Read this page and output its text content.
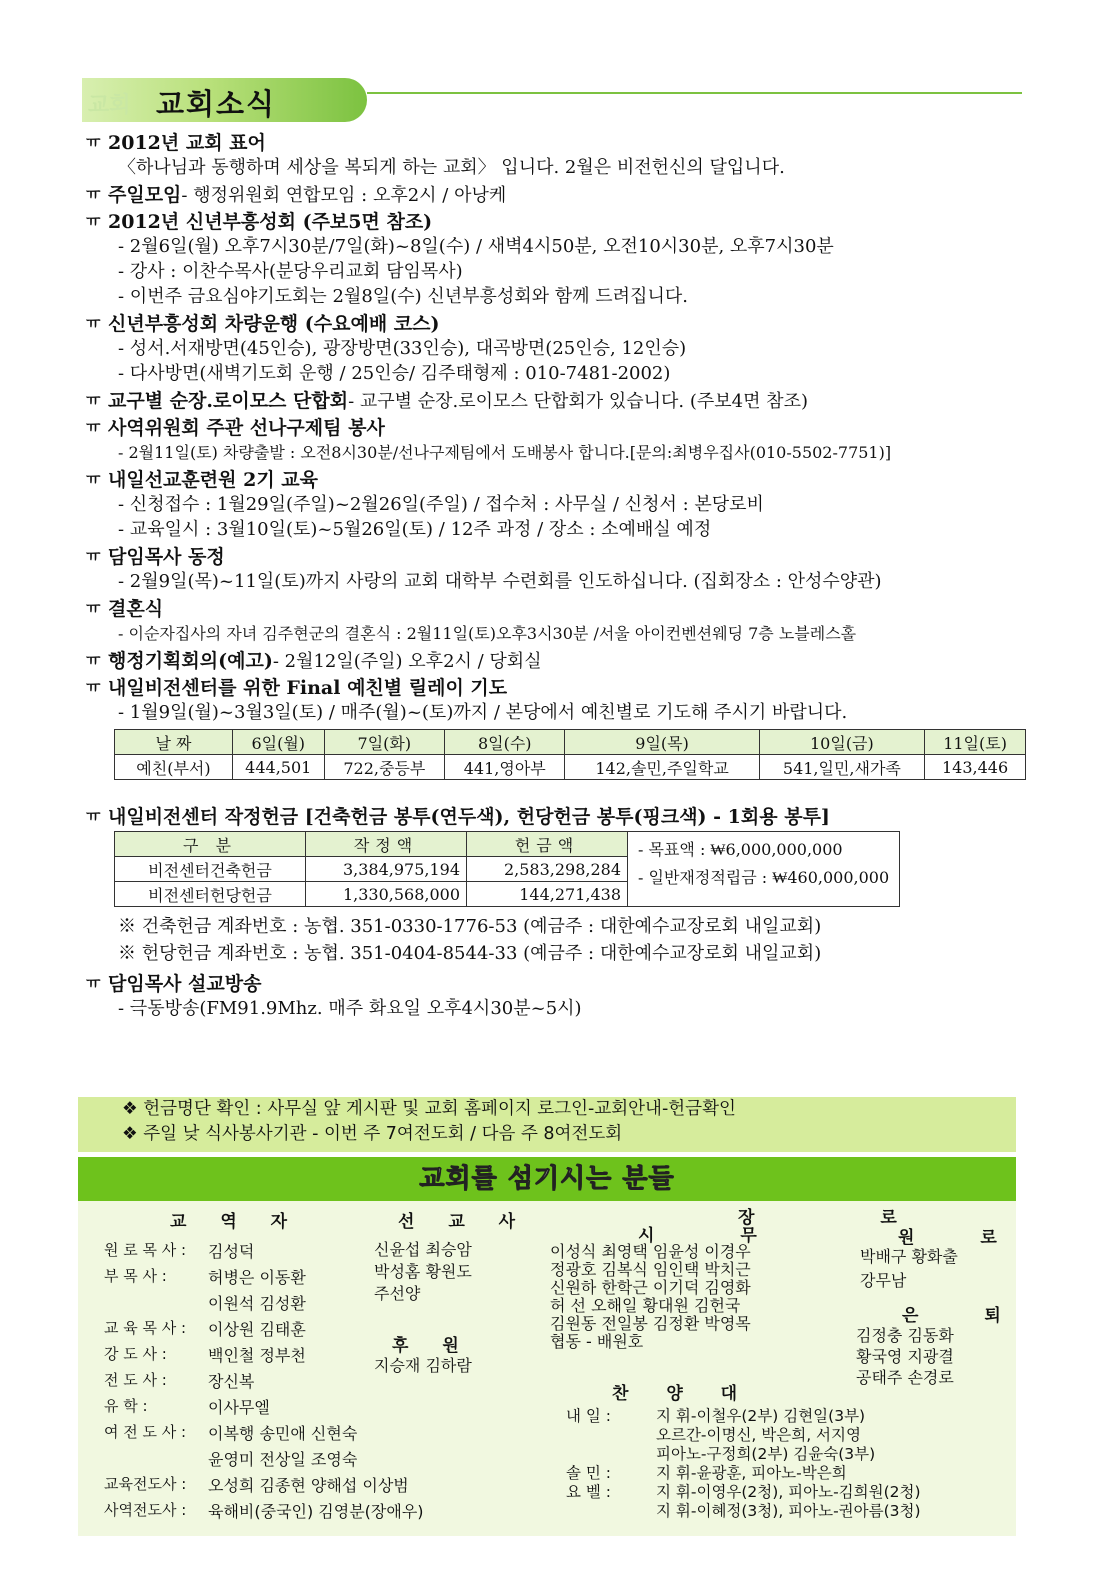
교회 교회소식
ㅠ 2012년 교회 표어
〈하나님과 동행하며 세상을 복되게 하는 교회〉 입니다. 2월은 비전헌신의 달입니다.
ㅠ 주일모임 - 행정위원회 연합모임 : 오후2시 / 아낭케
ㅠ 2012년 신년부흥성회 (주보5면 참조)
- 2월6일(월) 오후7시30분/7일(화)~8일(수) / 새벽4시50분, 오전10시30분, 오후7시30분
- 강사 : 이찬수목사(분당우리교회 담임목사)
- 이번주 금요심야기도회는 2월8일(수) 신년부흥성회와 함께 드려집니다.
ㅠ 신년부흥성회 차량운행 (수요예배 코스)
- 성서.서재방면(45인승), 광장방면(33인승), 대곡방면(25인승, 12인승)
- 다사방면(새벽기도회 운행 / 25인승/ 김주태형제 : 010-7481-2002)
ㅠ 교구별 순장.로이모스 단합회 - 교구별 순장.로이모스 단합회가 있습니다. (주보4면 참조)
ㅠ 사역위원회 주관 선나구제팀 봉사
- 2월11일(토) 차량출발 : 오전8시30분/선나구제팀에서 도배봉사 합니다.[문의:최병우집사(010-5502-7751)]
ㅠ 내일선교훈련원 2기 교육
- 신청접수 : 1월29일(주일)~2월26일(주일) / 접수처 : 사무실 / 신청서 : 본당로비
- 교육일시 : 3월10일(토)~5월26일(토) / 12주 과정 / 장소 : 소예배실 예정
ㅠ 담임목사 동정
- 2월9일(목)~11일(토)까지 사랑의 교회 대학부 수련회를 인도하십니다. (집회장소 : 안성수양관)
ㅠ 결혼식
- 이순자집사의 자녀 김주현군의 결혼식 : 2월11일(토)오후3시30분 /서울 아이컨벤션웨딩 7층 노블레스홀
ㅠ 행정기획회의(예고) - 2월12일(주일) 오후2시 / 당회실
ㅠ 내일비전센터를 위한 Final 예친별 릴레이 기도
- 1월9일(월)~3월3일(토) / 매주(월)~(토)까지 / 본당에서 예친별로 기도해 주시기 바랍니다.
날 짜	6일(월)	7일(화)	8일(수)	9일(목)	10일(금)	11일(토)
예친(부서)	444,501	722,중등부	441,영아부	142,솔민,주일학교	541,일민,새가족	143,446
ㅠ 내일비전센터 작정헌금 [건축헌금 봉투(연두색), 헌당헌금 봉투(핑크색) - 1회용 봉투]
구 분	작정액	헌금액
비전센터건축헌금	3,384,975,194	2,583,298,284
비전센터헌당헌금	1,330,568,000	144,271,438
- 목표액 : ₩6,000,000,000
- 일반재정적립금 : ₩460,000,000
※ 건축헌금 계좌번호 : 농협. 351-0330-1776-53 (예금주 : 대한예수교장로회 내일교회)
※ 헌당헌금 계좌번호 : 농협. 351-0404-8544-33 (예금주 : 대한예수교장로회 내일교회)
ㅠ 담임목사 설교방송
- 극동방송(FM91.9Mhz. 매주 화요일 오후4시30분~5시)
❖ 헌금명단 확인 : 사무실 앞 게시판 및 교회 홈페이지 로그인-교회안내-헌금확인
❖ 주일 낮 식사봉사기관 - 이번 주 7여전도회 / 다음 주 8여전도회
교회를 섬기시는 분들
교 역 자
원 로 목 사 : 김성덕
부 목 사 :	허병은 이동환
이원석 김성환
교 육 목 사 : 이상원 김태훈
강 도 사 :	백인철 정부천
전 도 사 :	장신복
유 학 :	이사무엘
여 전 도 사 : 이복행 송민애 신현숙
윤영미 전상일 조영숙
교육전도사 : 오성희 김종현 양해섭 이상범
사역전도사 : 육해비(중국인) 김영분(장애우)
선 교 사
신윤섭 최승암
박성홈 황원도
주선양
후 원
지승재 김하람
장 로
시 무
이성식 최영택 임윤성 이경우
정광호 김복식 임인택 박치근
신원하 한학근 이기덕 김영화
허 선 오해일 황대원 김헌국
김원동 전일봉 김정환 박영목
협동 - 배원호
원 로
박배구 황화출
강무남
은 퇴
김정충 김동화
황국영 지광결
공태주 손경로
찬 양 대
내 일 :	지 휘-이철우(2부) 김현일(3부)
오르간-이명신, 박은희, 서지영
피아노-구정희(2부) 김윤숙(3부)
솔 민 :	지 휘-윤광훈, 피아노-박은희
요 벨 :	지 휘-이영우(2청), 피아노-김희원(2청)
지 휘-이혜정(3청), 피아노-권아름(3청)
